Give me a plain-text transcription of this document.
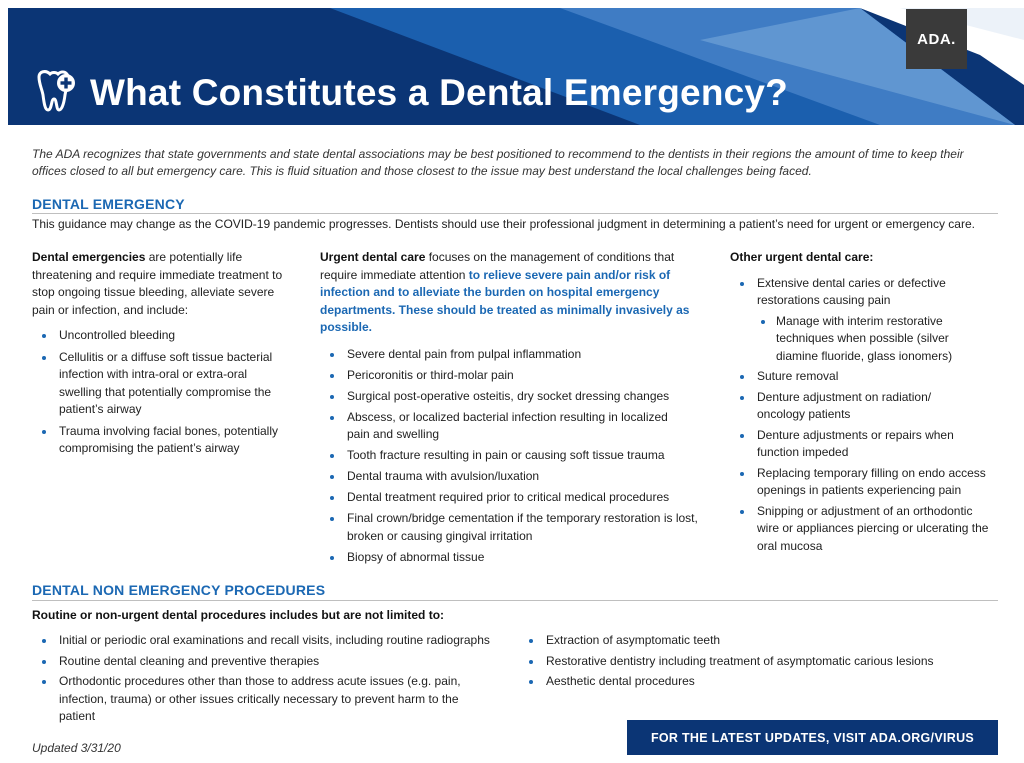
ADA.
What Constitutes a Dental Emergency?
The ADA recognizes that state governments and state dental associations may be best positioned to recommend to the dentists in their regions the amount of time to keep their offices closed to all but emergency care. This is fluid situation and those closest to the issue may best understand the local challenges being faced.
DENTAL EMERGENCY
This guidance may change as the COVID-19 pandemic progresses. Dentists should use their professional judgment in determining a patient’s need for urgent or emergency care.

Dental emergencies are potentially life threatening and require immediate treatment to stop ongoing tissue bleeding, alleviate severe pain or infection, and include:

Uncontrolled bleeding
Cellulitis or a diffuse soft tissue bacterial infection with intra-oral or extra-oral swelling that potentially compromise the patient’s airway
Trauma involving facial bones, potentially compromising the patient’s airway

Urgent dental care focuses on the management of conditions that require immediate attention to relieve severe pain and/or risk of infection and to alleviate the burden on hospital emergency departments. These should be treated as minimally invasively as possible.

Severe dental pain from pulpal inflammation
Pericoronitis or third-molar pain
Surgical post-operative osteitis, dry socket dressing changes
Abscess, or localized bacterial infection resulting in localized pain and swelling
Tooth fracture resulting in pain or causing soft tissue trauma
Dental trauma with avulsion/luxation
Dental treatment required prior to critical medical procedures
Final crown/bridge cementation if the temporary restoration is lost, broken or causing gingival irritation
Biopsy of abnormal tissue

Other urgent dental care:

Extensive dental caries or defective restorations causing pain
Manage with interim restorative techniques when possible (silver diamine fluoride, glass ionomers)
Suture removal
Denture adjustment on radiation/ oncology patients
Denture adjustments or repairs when function impeded
Replacing temporary filling on endo access openings in patients experiencing pain
Snipping or adjustment of an orthodontic wire or appliances piercing or ulcerating the oral mucosa
DENTAL NON EMERGENCY PROCEDURES

Routine or non-urgent dental procedures includes but are not limited to:

Initial or periodic oral examinations and recall visits, including routine radiographs
Routine dental cleaning and preventive therapies
Orthodontic procedures other than those to address acute issues (e.g. pain, infection, trauma) or other issues critically necessary to prevent harm to the patient
Extraction of asymptomatic teeth
Restorative dentistry including treatment of asymptomatic carious lesions
Aesthetic dental procedures
FOR THE LATEST UPDATES, VISIT ADA.ORG/VIRUS
Updated 3/31/20
